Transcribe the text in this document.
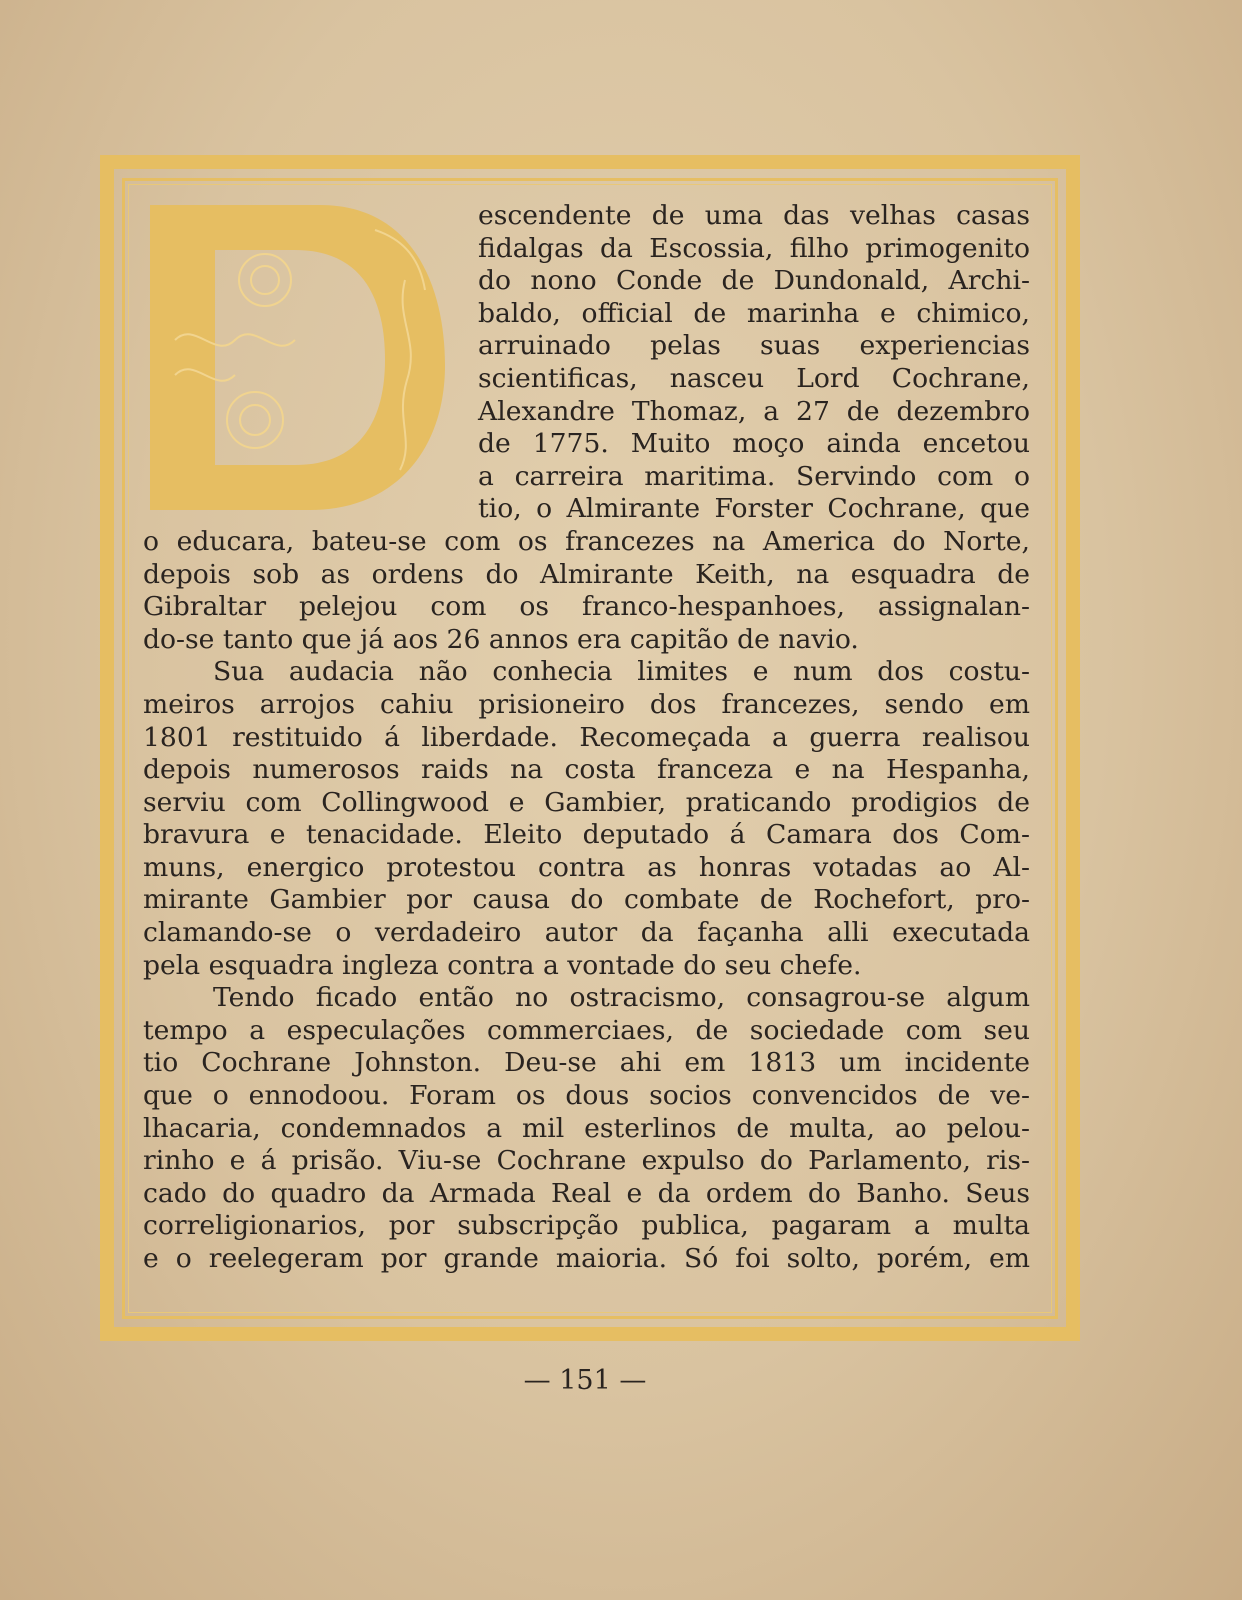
escendente de uma das velhas casas
fidalgas da Escossia, filho primogenito
do nono Conde de Dundonald, Archi-
baldo, official de marinha e chimico,
arruinado pelas suas experiencias
scientificas, nasceu Lord Cochrane,
Alexandre Thomaz, a 27 de dezembro
de 1775. Muito moço ainda encetou
a carreira maritima. Servindo com o
tio, o Almirante Forster Cochrane, que
o educara, bateu-se com os francezes na America do Norte,
depois sob as ordens do Almirante Keith, na esquadra de
Gibraltar pelejou com os franco-hespanhoes, assignalan-
do-se tanto que já aos 26 annos era capitão de navio.
Sua audacia não conhecia limites e num dos costu-
meiros arrojos cahiu prisioneiro dos francezes, sendo em
1801 restituido á liberdade. Recomeçada a guerra realisou
depois numerosos raids na costa franceza e na Hespanha,
serviu com Collingwood e Gambier, praticando prodigios de
bravura e tenacidade. Eleito deputado á Camara dos Com-
muns, energico protestou contra as honras votadas ao Al-
mirante Gambier por causa do combate de Rochefort, pro-
clamando-se o verdadeiro autor da façanha alli executada
pela esquadra ingleza contra a vontade do seu chefe.
Tendo ficado então no ostracismo, consagrou-se algum
tempo a especulações commerciaes, de sociedade com seu
tio Cochrane Johnston. Deu-se ahi em 1813 um incidente
que o ennodoou. Foram os dous socios convencidos de ve-
lhacaria, condemnados a mil esterlinos de multa, ao pelou-
rinho e á prisão. Viu-se Cochrane expulso do Parlamento, ris-
cado do quadro da Armada Real e da ordem do Banho. Seus
correligionarios, por subscripção publica, pagaram a multa
e o reelegeram por grande maioria. Só foi solto, porém, em
— 151 —
